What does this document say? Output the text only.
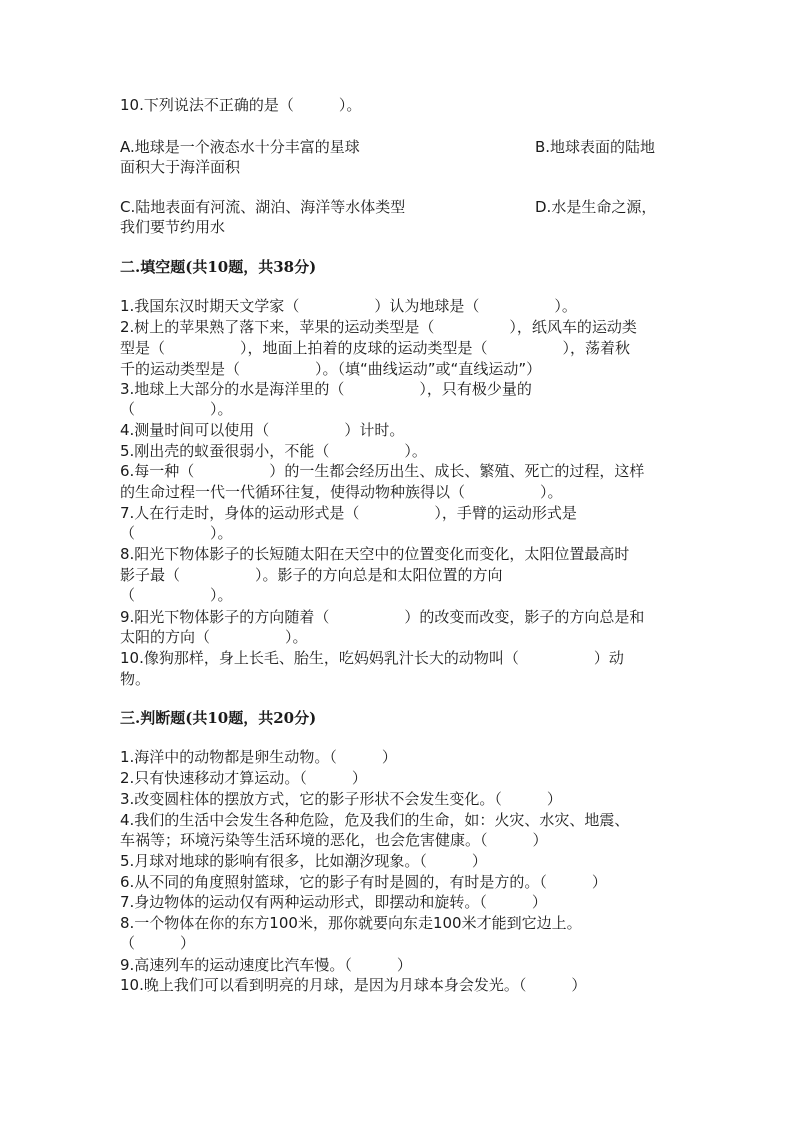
10.下列说法不正确的是（　　　）。

A.地球是一个液态水十分丰富的星球	B.地球表面的陆地

面积大于海洋面积

C.陆地表面有河流、湖泊、海洋等水体类型	D.水是生命之源，

我们要节约用水

二.填空题(共10题，共38分)

1.我国东汉时期天文学家（　　　　　）认为地球是（　　　　　）。

2.树上的苹果熟了落下来，苹果的运动类型是（　　　　　），纸风车的运动类

型是（　　　　　），地面上拍着的皮球的运动类型是（　　　　　），荡着秋

千的运动类型是（　　　　　）。（填“曲线运动”或“直线运动”）

3.地球上大部分的水是海洋里的（　　　　　），只有极少量的

（　　　　　）。

4.测量时间可以使用（　　　　　）计时。

5.刚出壳的蚁蚕很弱小，不能（　　　　　）。

6.每一种（　　　　　）的一生都会经历出生、成长、繁殖、死亡的过程，这样

的生命过程一代一代循环往复，使得动物种族得以（　　　　　）。

7.人在行走时，身体的运动形式是（　　　　　），手臂的运动形式是

（　　　　　）。

8.阳光下物体影子的长短随太阳在天空中的位置变化而变化，太阳位置最高时

影子最（　　　　　）。影子的方向总是和太阳位置的方向

（　　　　　）。

9.阳光下物体影子的方向随着（　　　　　）的改变而改变，影子的方向总是和

太阳的方向（　　　　　）。

10.像狗那样，身上长毛、胎生，吃妈妈乳汁长大的动物叫（　　　　　）动

物。

三.判断题(共10题，共20分)

1.海洋中的动物都是卵生动物。（　　　）

2.只有快速移动才算运动。（　　　）

3.改变圆柱体的摆放方式，它的影子形状不会发生变化。（　　　）

4.我们的生活中会发生各种危险，危及我们的生命，如：火灾、水灾、地震、

车祸等；环境污染等生活环境的恶化，也会危害健康。（　　　）

5.月球对地球的影响有很多，比如潮汐现象。（　　　）

6.从不同的角度照射篮球，它的影子有时是圆的，有时是方的。（　　　）

7.身边物体的运动仅有两种运动形式，即摆动和旋转。（　　　）

8.一个物体在你的东方100米，那你就要向东走100米才能到它边上。

（　　　）

9.高速列车的运动速度比汽车慢。（　　　）

10.晚上我们可以看到明亮的月球，是因为月球本身会发光。（　　　）
